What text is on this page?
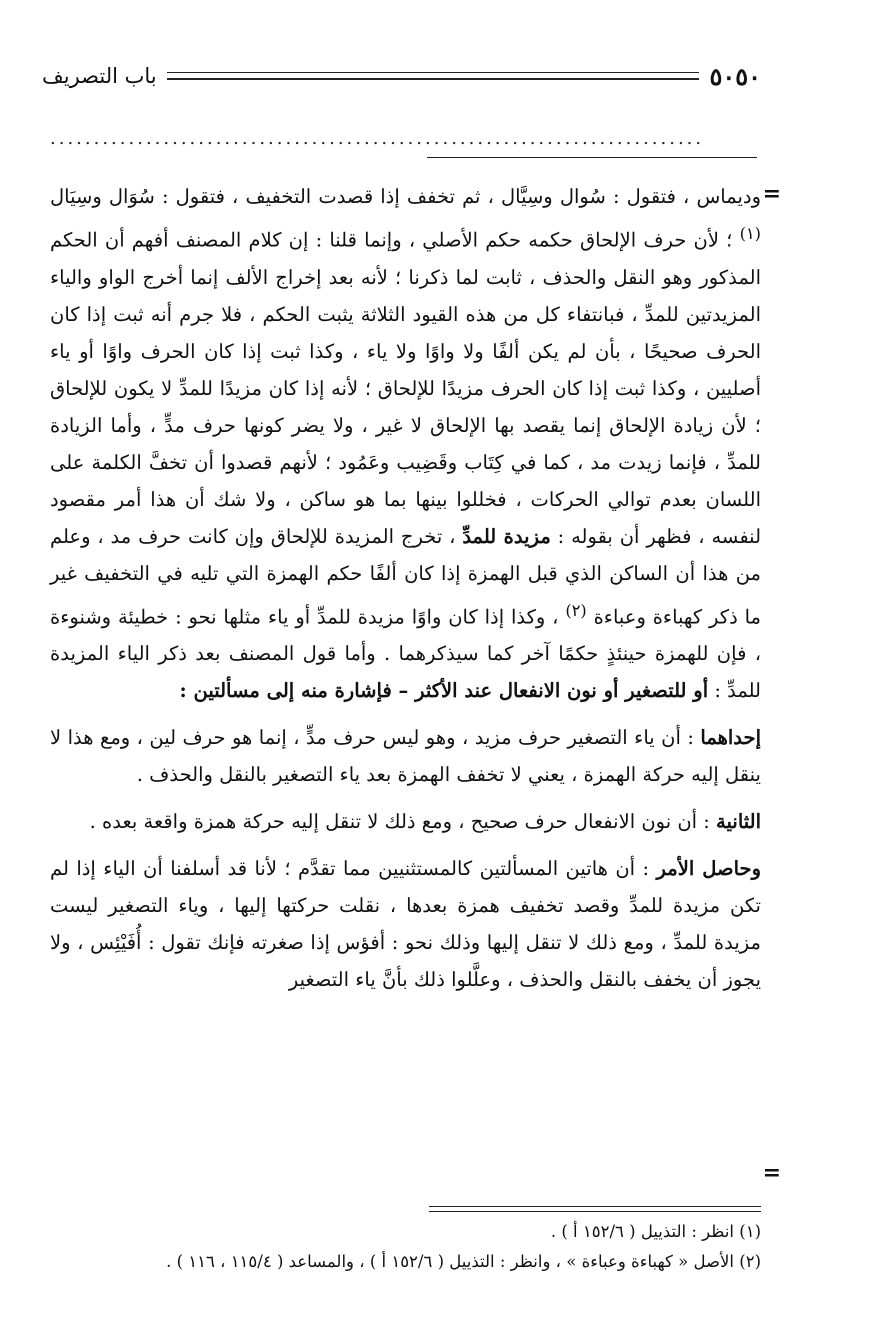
٥٠٥٠
باب التصريف
...........................................................................
=

وديماس ، فتقول : سُوال وسِيَّال ، ثم تخفف إذا قصدت التخفيف ، فتقول : سُوَال وسِيَال $^{(١)}$ ؛ لأن حرف الإلحاق حكمه حكم الأصلي ، وإنما قلنا : إن كلام المصنف أفهم أن الحكم المذكور وهو النقل والحذف ، ثابت لما ذكرنا ؛ لأنه بعد إخراج الألف إنما أخرج الواو والياء المزيدتين للمدِّ ، فبانتفاء كل من هذه القيود الثلاثة يثبت الحكم ، فلا جرم أنه ثبت إذا كان الحرف صحيحًا ، بأن لم يكن ألفًا ولا واوًا ولا ياء ، وكذا ثبت إذا كان الحرف واوًا أو ياء أصليين ، وكذا ثبت إذا كان الحرف مزيدًا للإلحاق ؛ لأنه إذا كان مزيدًا للمدِّ لا يكون للإلحاق ؛ لأن زيادة الإلحاق إنما يقصد بها الإلحاق لا غير ، ولا يضر كونها حرف مدٍّ ، وأما الزيادة للمدِّ ، فإنما زيدت مد ، كما في كِتَاب وقَضِيب وعَمُود ؛ لأنهم قصدوا أن تخفَّ الكلمة على اللسان بعدم توالي الحركات ، فخللوا بينها بما هو ساكن ، ولا شك أن هذا أمر مقصود لنفسه ، فظهر أن بقوله : مزيدة للمدِّ ، تخرج المزيدة للإلحاق وإن كانت حرف مد ، وعلم من هذا أن الساكن الذي قبل الهمزة إذا كان ألفًا حكم الهمزة التي تليه في التخفيف غير ما ذكر كهباءة وعباءة $^{(٢)}$ ، وكذا إذا كان واوًا مزيدة للمدِّ أو ياء مثلها نحو : خطيئة وشنوءة ، فإن للهمزة حينئذٍ حكمًا آخر كما سيذكرهما . وأما قول المصنف بعد ذكر الياء المزيدة للمدِّ : أو للتصغير أو نون الانفعال عند الأكثر – فإشارة منه إلى مسألتين :

إحداهما : أن ياء التصغير حرف مزيد ، وهو ليس حرف مدٍّ ، إنما هو حرف لين ، ومع هذا لا ينقل إليه حركة الهمزة ، يعني لا تخفف الهمزة بعد ياء التصغير بالنقل والحذف .

الثانية : أن نون الانفعال حرف صحيح ، ومع ذلك لا تنقل إليه حركة همزة واقعة بعده .

وحاصل الأمر : أن هاتين المسألتين كالمستثنيين مما تقدَّم ؛ لأنا قد أسلفنا أن الياء إذا لم تكن مزيدة للمدِّ وقصد تخفيف همزة بعدها ، نقلت حركتها إليها ، وياء التصغير ليست مزيدة للمدِّ ، ومع ذلك لا تنقل إليها وذلك نحو : أفؤس إذا صغرته فإنك تقول : أُفَيْئِس ، ولا يجوز أن يخفف بالنقل والحذف ، وعلَّلوا ذلك بأنَّ ياء التصغير

=
(١) انظر : التذييل ( ١٥٢/٦ أ ) .
(٢) الأصل « كهباءة وعباءة » ، وانظر : التذييل ( ١٥٢/٦ أ ) ، والمساعد ( ١١٥/٤ ، ١١٦ ) .
